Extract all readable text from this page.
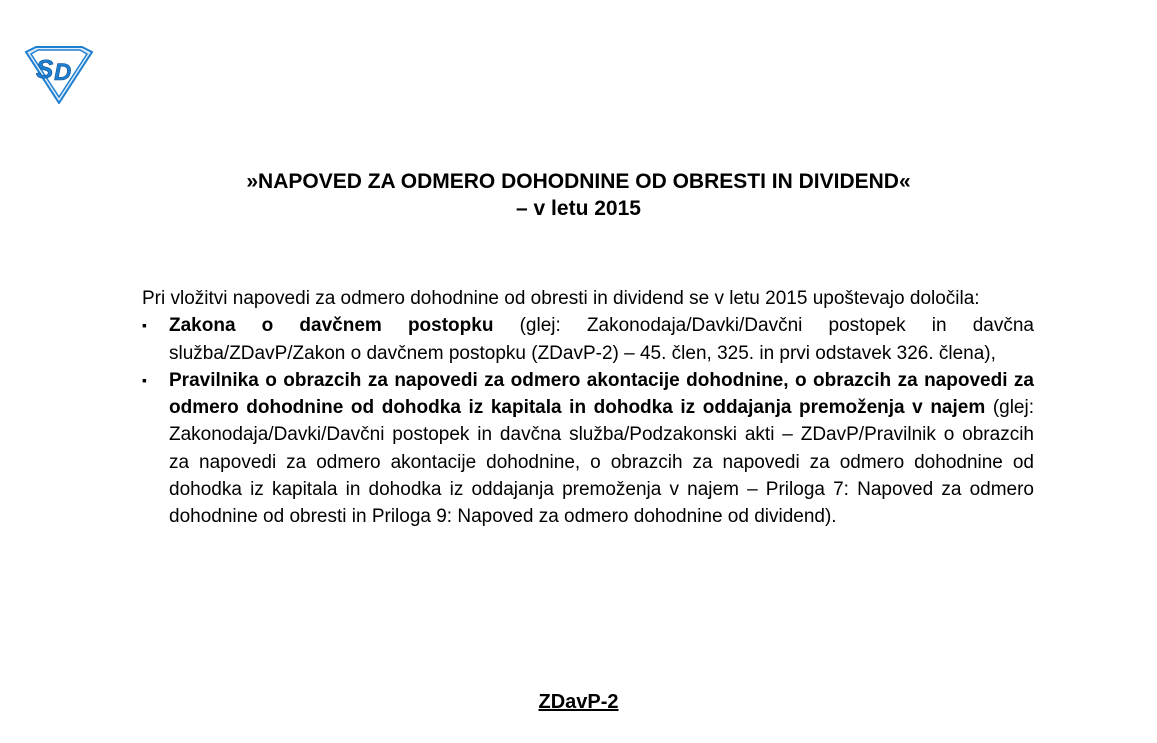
S D
»NAPOVED ZA ODMERO DOHODNINE OD OBRESTI IN DIVIDEND«
– v letu 2015

Pri vložitvi napovedi za odmero dohodnine od obresti in dividend se v letu 2015 upoštevajo določila:

▪ Zakona o davčnem postopku (glej: Zakonodaja/Davki/Davčni postopek in davčna služba/ZDavP/Zakon o davčnem postopku (ZDavP-2) – 45. člen, 325. in prvi odstavek 326. člena),
▪ Pravilnika o obrazcih za napovedi za odmero akontacije dohodnine, o obrazcih za napovedi za odmero dohodnine od dohodka iz kapitala in dohodka iz oddajanja premoženja v najem (glej: Zakonodaja/Davki/Davčni postopek in davčna služba/Podzakonski akti – ZDavP/Pravilnik o obrazcih za napovedi za odmero akontacije dohodnine, o obrazcih za napovedi za odmero dohodnine od dohodka iz kapitala in dohodka iz oddajanja premoženja v najem – Priloga 7: Napoved za odmero dohodnine od obresti in Priloga 9: Napoved za odmero dohodnine od dividend).
ZDavP-2
